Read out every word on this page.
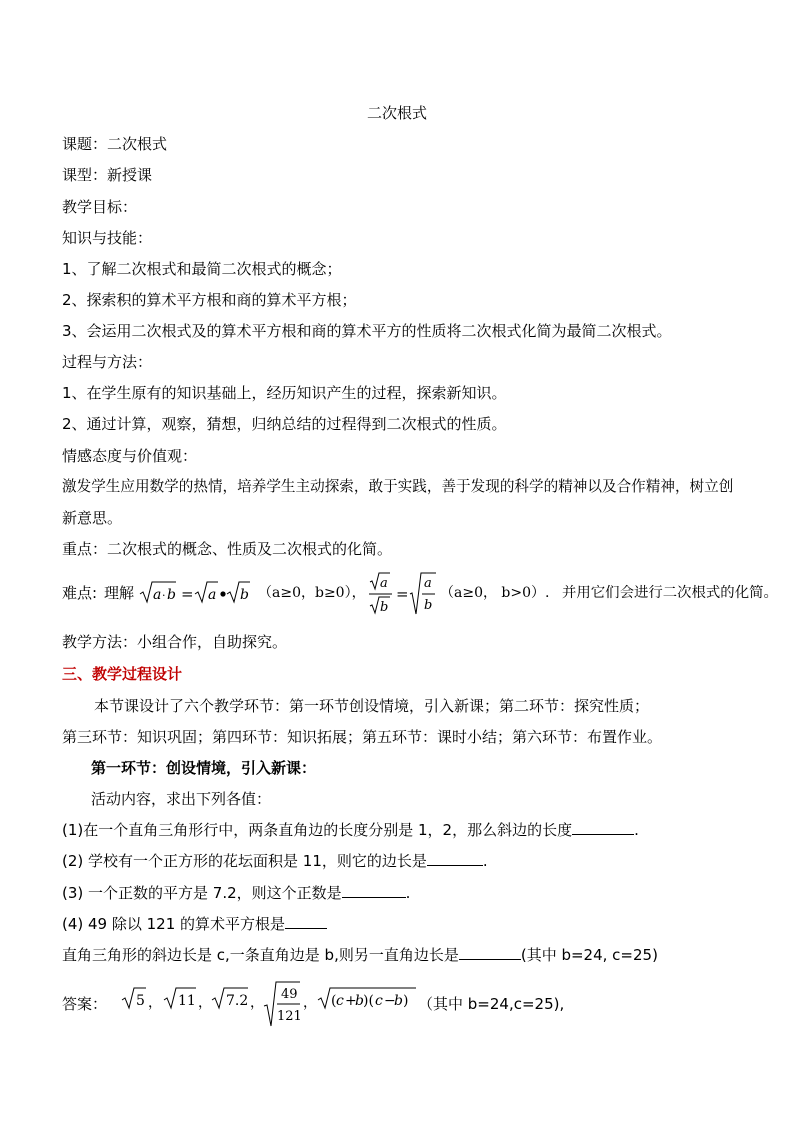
二次根式
课题：二次根式
课型：新授课
教学目标：
知识与技能：
1、了解二次根式和最简二次根式的概念；
2、探索积的算术平方根和商的算术平方根；
3、会运用二次根式及的算术平方根和商的算术平方的性质将二次根式化简为最简二次根式。
过程与方法：
1、在学生原有的知识基础上，经历知识产生的过程，探索新知识。
2、通过计算，观察，猜想，归纳总结的过程得到二次根式的性质。
情感态度与价值观：
激发学生应用数学的热情，培养学生主动探索，敢于实践，善于发现的科学的精神以及合作精神，树立创
新意思。
重点：二次根式的概念、性质及二次根式的化简。
难点: 理解 a · b = a b （a≥0，b≥0），
a
b
=
a
b
（a≥0， b>0）. 并用它们会进行二次根式的化简。
教学方法：小组合作，自助探究。
三、教学过程设计
本节课设计了六个教学环节：第一环节创设情境，引入新课；第二环节：探究性质；
第三环节：知识巩固；第四环节：知识拓展；第五环节：课时小结；第六环节：布置作业。
第一环节：创设情境，引入新课：
活动内容，求出下列各值：
(1)在一个直角三角形行中，两条直角边的长度分别是 1，2，那么斜边的长度	.
(2) 学校有一个正方形的花坛面积是 11，则它的边长是	.
(3) 一个正数的平方是 7.2，则这个正数是	.
(4) 49 除以 121 的算术平方根是
直角三角形的斜边长是 c,一条直角边是 b,则另一直角边长是	(其中 b=24, c=25)
答案： 5 ， 11 ， 7.2 ，
49
121
， ( c +
b )( c −
b ) （其中 b=24,c=25),
